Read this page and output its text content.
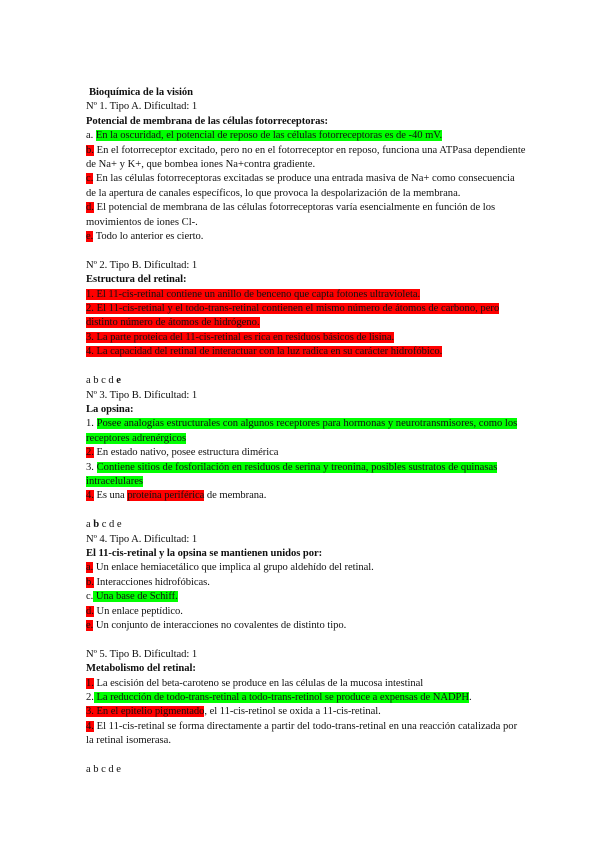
Bioquímica de la visión
Nº 1. Tipo A. Dificultad: 1
Potencial de membrana de las células fotorreceptoras:
a. En la oscuridad, el potencial de reposo de las células fotorreceptoras es de -40 mV.
b. En el fotorreceptor excitado, pero no en el fotorreceptor en reposo, funciona una ATPasa dependiente de Na+ y K+, que bombea iones Na+contra gradiente.
c. En las células fotorreceptoras excitadas se produce una entrada masiva de Na+ como consecuencia de la apertura de canales específicos, lo que provoca la despolarización de la membrana.
d. El potencial de membrana de las células fotorreceptoras varía esencialmente en función de los movimientos de iones Cl-.
e. Todo lo anterior es cierto.
Nº 2. Tipo B. Dificultad: 1
Estructura del retinal:
1. El 11-cis-retinal contiene un anillo de benceno que capta fotones ultravioleta.
2. El 11-cis-retinal y el todo-trans-retinal contienen el mismo número de átomos de carbono, pero distinto número de átomos de hidrógeno.
3. La parte proteica del 11-cis-retinal es rica en residuos básicos de lisina.
4. La capacidad del retinal de interactuar con la luz radica en su carácter hidrofóbico.
a b c d e
Nº 3. Tipo B. Dificultad: 1
La opsina:
1. Posee analogías estructurales con algunos receptores para hormonas y neurotransmisores, como los receptores adrenérgicos
2. En estado nativo, posee estructura dimérica
3. Contiene sitios de fosforilación en residuos de serina y treonina, posibles sustratos de quinasas intracelulares
4. Es una proteína periférica de membrana.
a b c d e
Nº 4. Tipo A. Dificultad: 1
El 11-cis-retinal y la opsina se mantienen unidos por:
a. Un enlace hemiacetálico que implica al grupo aldehído del retinal.
b. Interacciones hidrofóbicas.
c. Una base de Schiff.
d. Un enlace peptídico.
e. Un conjunto de interacciones no covalentes de distinto tipo.
Nº 5. Tipo B. Dificultad: 1
Metabolismo del retinal:
1. La escisión del beta-caroteno se produce en las células de la mucosa intestinal
2. La reducción de todo-trans-retinal a todo-trans-retinol se produce a expensas de NADPH.
3. En el epitelio pigmentado, el 11-cis-retinol se oxida a 11-cis-retinal.
4. El 11-cis-retinal se forma directamente a partir del todo-trans-retinal en una reacción catalizada por la retinal isomerasa.
a b c d e
